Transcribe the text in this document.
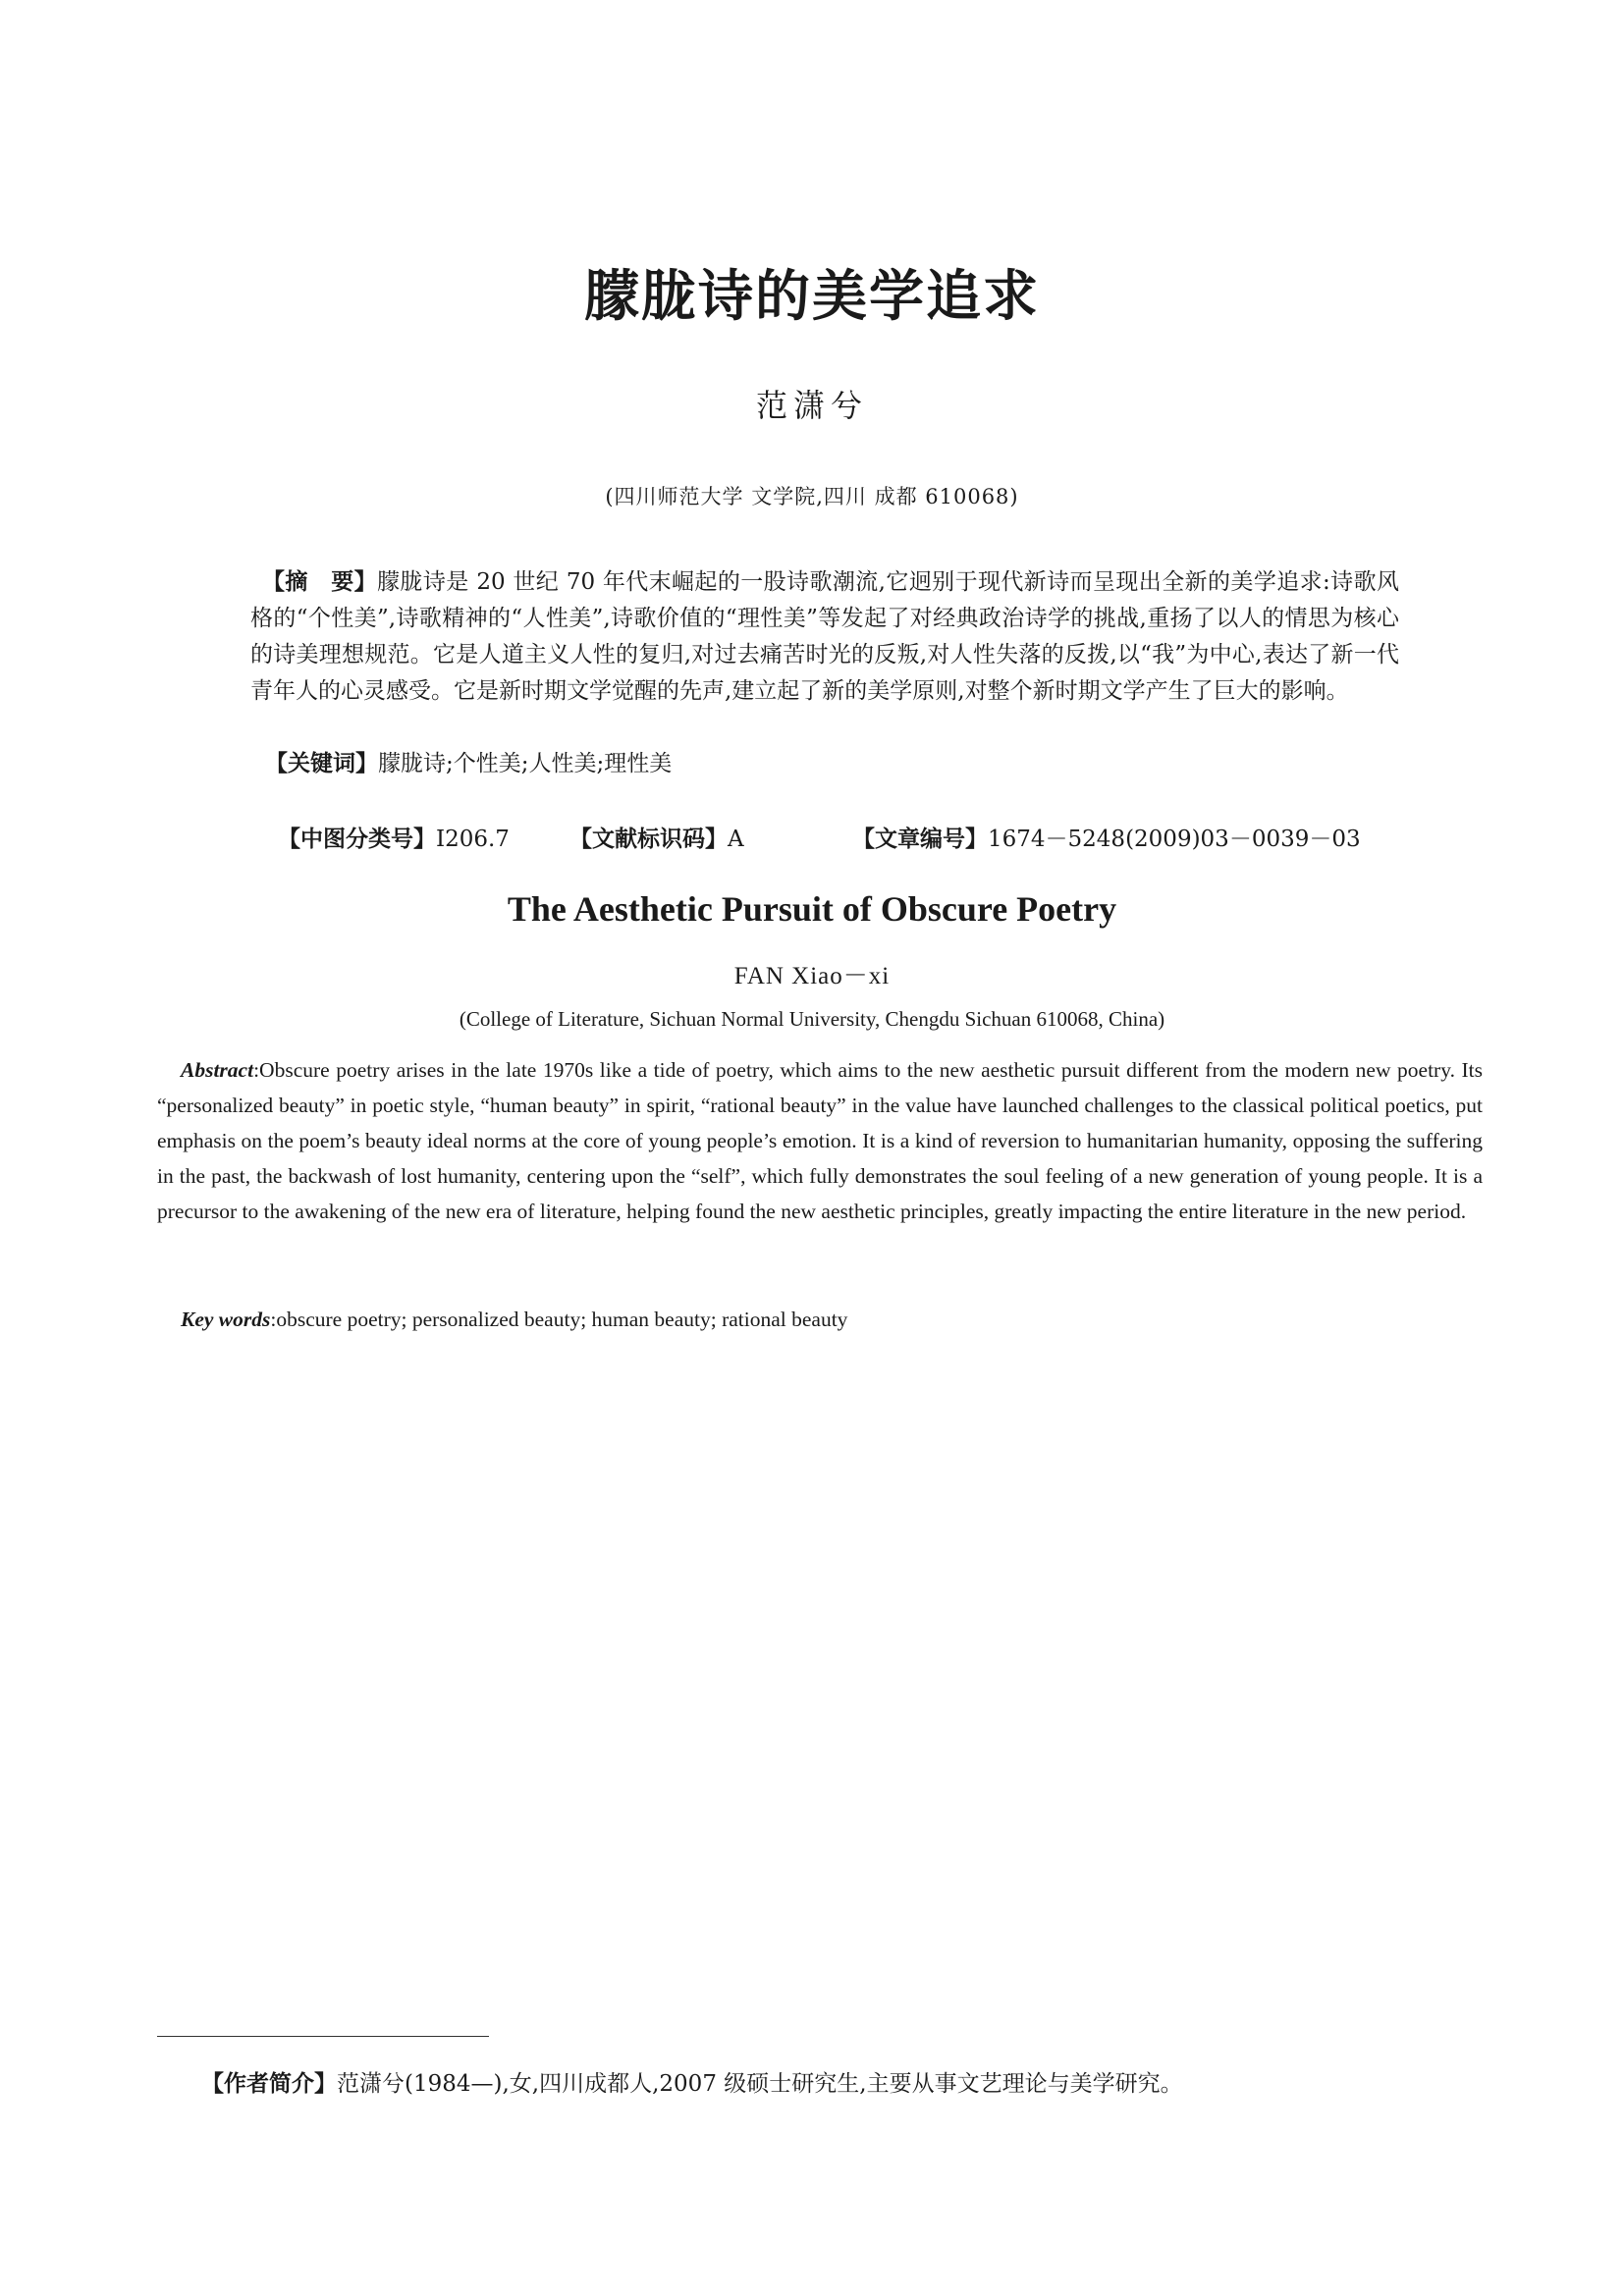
朦胧诗的美学追求
范潇兮
(四川师范大学 文学院,四川 成都 610068)

【摘　要】朦胧诗是 20 世纪 70 年代末崛起的一股诗歌潮流,它迥别于现代新诗而呈现出全新的美学追求:诗歌风格的“个性美”,诗歌精神的“人性美”,诗歌价值的“理性美”等发起了对经典政治诗学的挑战,重扬了以人的情思为核心的诗美理想规范。它是人道主义人性的复归,对过去痛苦时光的反叛,对人性失落的反拨,以“我”为中心,表达了新一代青年人的心灵感受。它是新时期文学觉醒的先声,建立起了新的美学原则,对整个新时期文学产生了巨大的影响。

【关键词】朦胧诗;个性美;人性美;理性美
【中图分类号】I206.7	【文献标识码】A	【文章编号】1674－5248(2009)03－0039－03
The Aesthetic Pursuit of Obscure Poetry
FAN Xiao－xi
(College of Literature, Sichuan Normal University, Chengdu Sichuan 610068, China)

Abstract:Obscure poetry arises in the late 1970s like a tide of poetry, which aims to the new aesthetic pursuit different from the modern new poetry. Its “personalized beauty” in poetic style, “human beauty” in spirit, “rational beauty” in the value have launched challenges to the classical political poetics, put emphasis on the poem’s beauty ideal norms at the core of young people’s emotion. It is a kind of reversion to humanitarian humanity, opposing the suffering in the past, the backwash of lost humanity, centering upon the “self”, which fully demonstrates the soul feeling of a new generation of young people. It is a precursor to the awakening of the new era of literature, helping found the new aesthetic principles, greatly impacting the entire literature in the new period.

Key words:obscure poetry; personalized beauty; human beauty; rational beauty
【作者简介】范潇兮(1984—),女,四川成都人,2007 级硕士研究生,主要从事文艺理论与美学研究。
